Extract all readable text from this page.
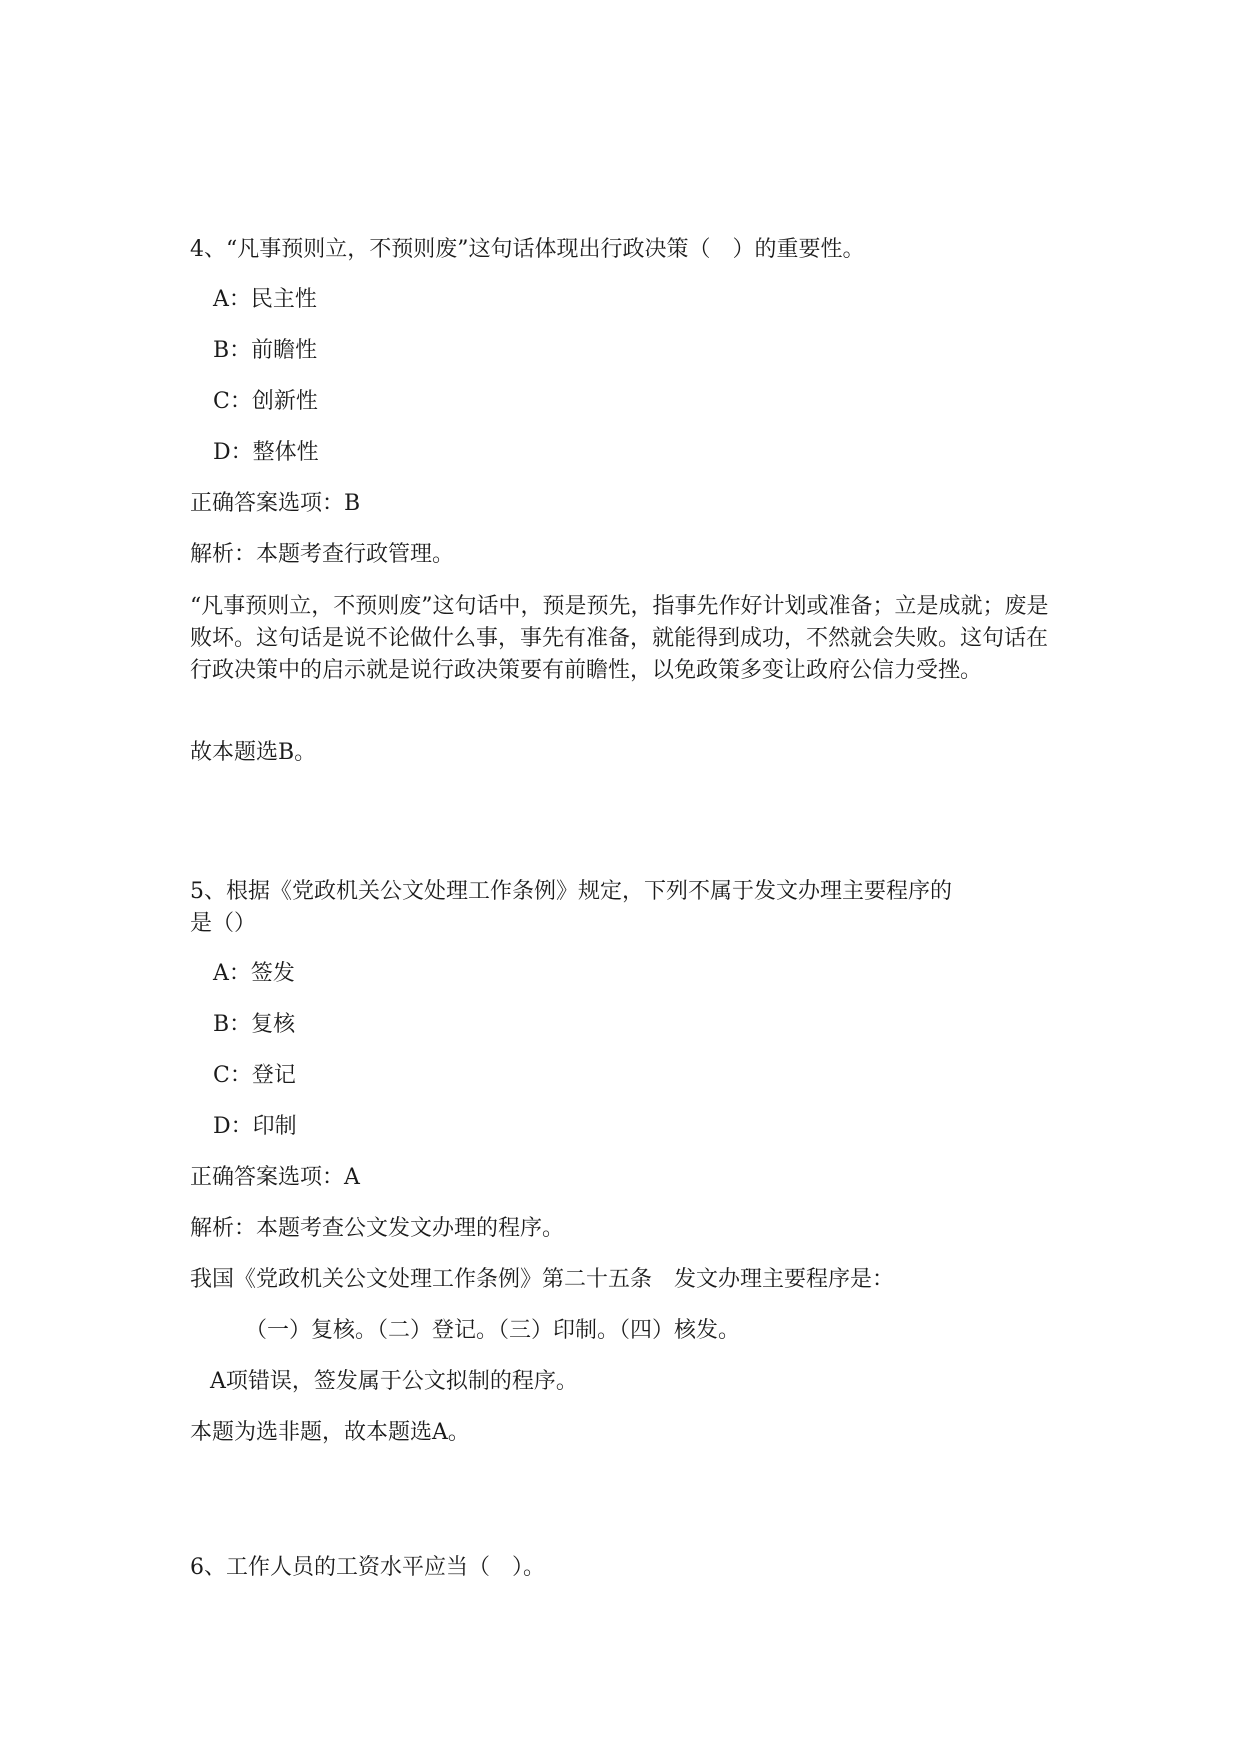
4、“凡事预则立，不预则废”这句话体现出行政决策（　）的重要性。

A：民主性

B：前瞻性

C：创新性

D：整体性

正确答案选项：B

解析：本题考查行政管理。

“凡事预则立，不预则废”这句话中，预是预先，指事先作好计划或准备；立是成就；废是败坏。这句话是说不论做什么事，事先有准备，就能得到成功，不然就会失败。这句话在行政决策中的启示就是说行政决策要有前瞻性，以免政策多变让政府公信力受挫。

故本题选B。

5、根据《党政机关公文处理工作条例》规定，下列不属于发文办理主要程序的

是（）

A：签发

B：复核

C：登记

D：印制

正确答案选项：A

解析：本题考查公文发文办理的程序。

我国《党政机关公文处理工作条例》第二十五条　发文办理主要程序是：

（一）复核。（二）登记。（三）印制。（四）核发。

A项错误，签发属于公文拟制的程序。

本题为选非题，故本题选A。

6、工作人员的工资水平应当（　）。
